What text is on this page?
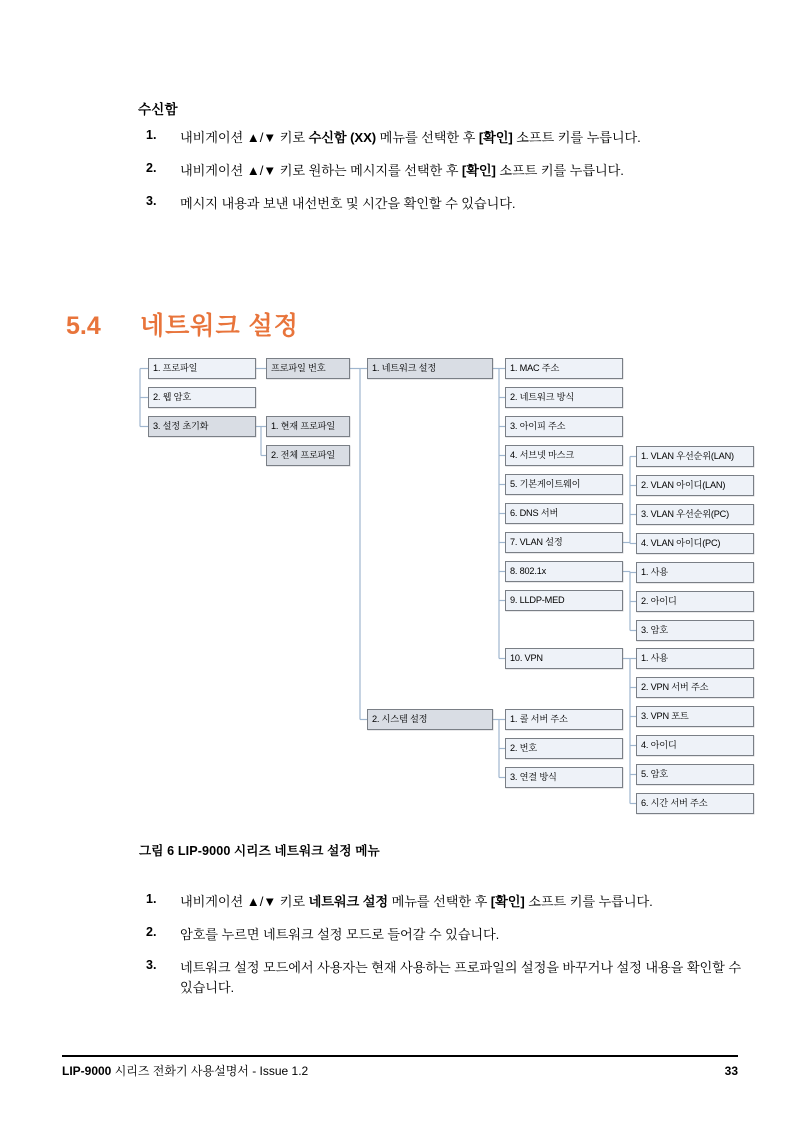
수신함
1.	내비게이션 ▲/▼ 키로 수신함 (XX) 메뉴를 선택한 후 [확인] 소프트 키를 누릅니다.
2.	내비게이션 ▲/▼ 키로 원하는 메시지를 선택한 후 [확인] 소프트 키를 누릅니다.
3.	메시지 내용과 보낸 내선번호 및 시간을 확인할 수 있습니다.
5.4	네트워크 설정
1. 프로파일
2. 웹 암호
3. 설정 초기화
프로파일 번호
1. 현재 프로파일
2. 전체 프로파일
1. 네트워크 설정
2. 시스템 설정
1. MAC 주소
2. 네트워크 방식
3. 아이피 주소
4. 서브넷 마스크
5. 기본게이트웨이
6. DNS 서버
7. VLAN 설정
8. 802.1x
9. LLDP-MED
10. VPN
1. 콜 서버 주소
2. 번호
3. 연결 방식
1. VLAN 우선순위(LAN)
2. VLAN 아이디(LAN)
3. VLAN 우선순위(PC)
4. VLAN 아이디(PC)
1. 사용
2. 아이디
3. 암호
1. 사용
2. VPN 서버 주소
3. VPN 포트
4. 아이디
5. 암호
6. 시간 서버 주소
그림 6 LIP-9000 시리즈 네트워크 설정 메뉴
1.	내비게이션 ▲/▼ 키로 네트워크 설정 메뉴를 선택한 후 [확인] 소프트 키를 누릅니다.
2.	암호를 누르면 네트워크 설정 모드로 들어갈 수 있습니다.
3.	네트워크 설정 모드에서 사용자는 현재 사용하는 프로파일의 설정을 바꾸거나 설정 내용을 확인할 수 있습니다.
LIP-9000 시리즈 전화기 사용설명서 - Issue 1.2	33
